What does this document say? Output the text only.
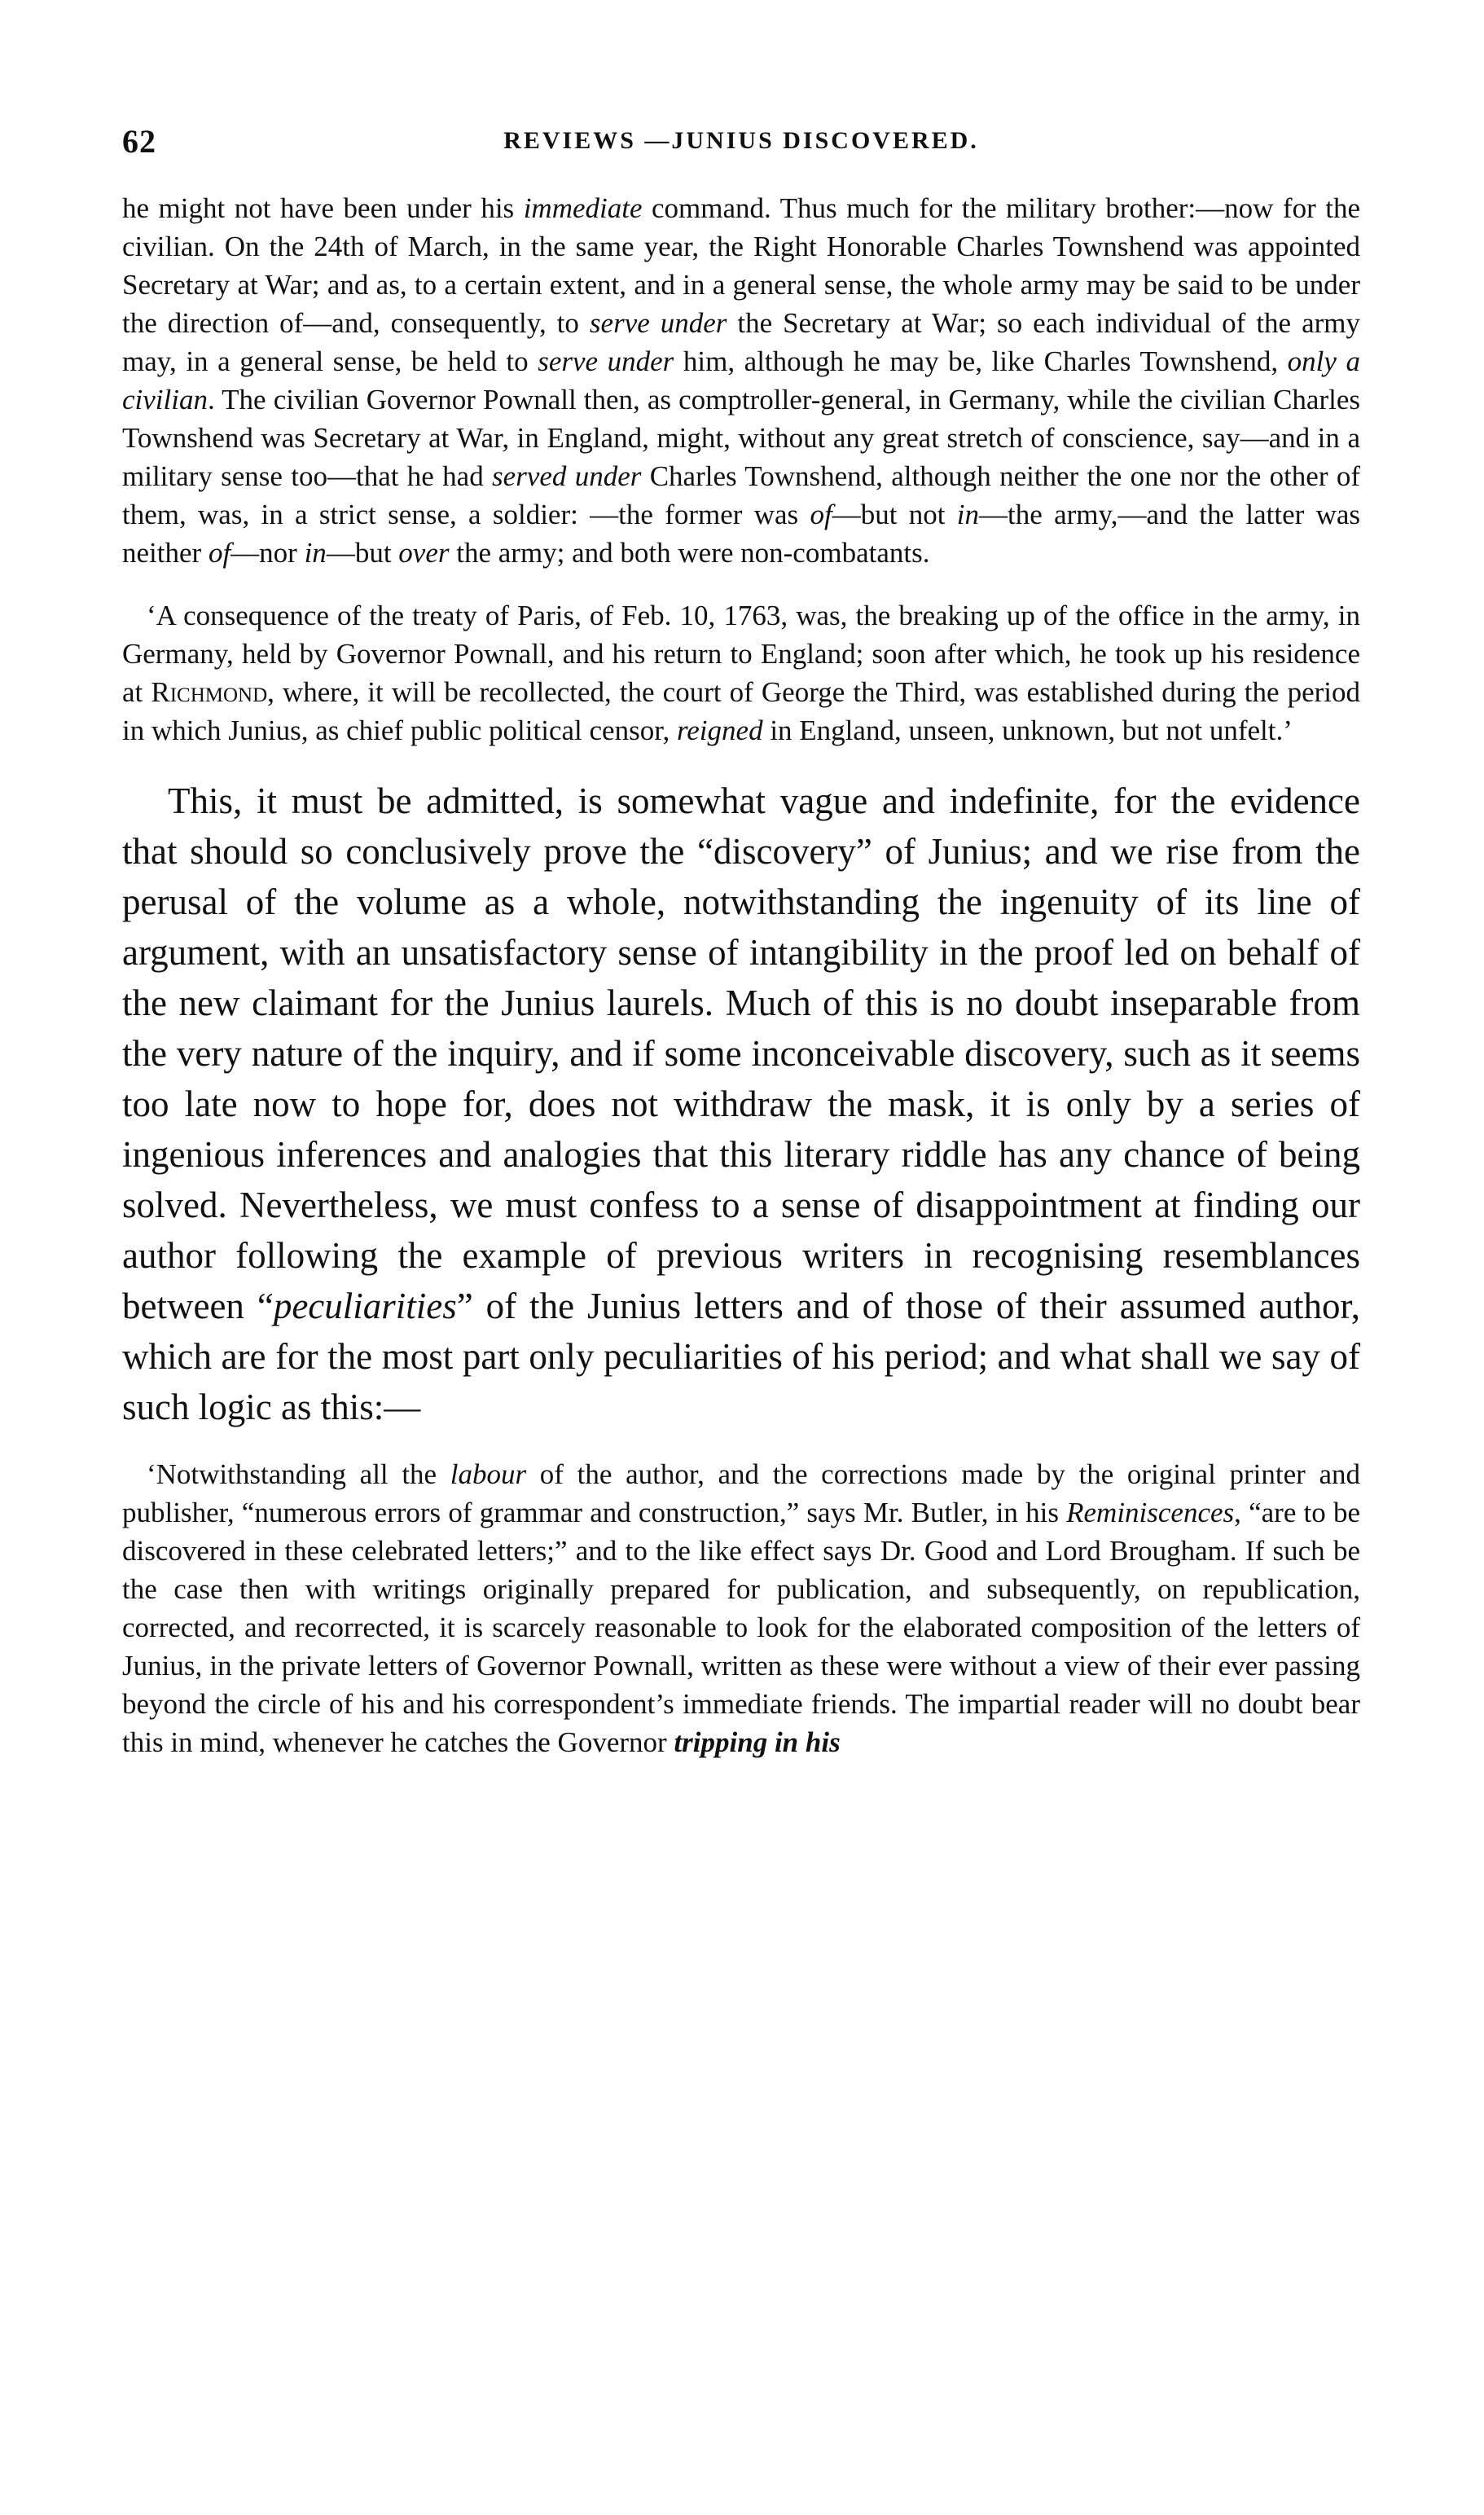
62	REVIEWS —JUNIUS DISCOVERED.

he might not have been under his immediate command. Thus much for the military brother:—now for the civilian. On the 24th of March, in the same year, the Right Honorable Charles Townshend was appointed Secretary at War; and as, to a certain extent, and in a general sense, the whole army may be said to be under the direction of—and, consequently, to serve under the Secretary at War; so each individual of the army may, in a general sense, be held to serve under him, although he may be, like Charles Townshend, only a civilian. The civilian Governor Pownall then, as comptroller-general, in Germany, while the civilian Charles Townshend was Secretary at War, in England, might, without any great stretch of conscience, say—and in a military sense too—that he had served under Charles Townshend, although neither the one nor the other of them, was, in a strict sense, a soldier: —the former was of—but not in—the army,—and the latter was neither of—nor in—but over the army; and both were non-combatants.

‘A consequence of the treaty of Paris, of Feb. 10, 1763, was, the breaking up of the office in the army, in Germany, held by Governor Pownall, and his return to England; soon after which, he took up his residence at Richmond, where, it will be recollected, the court of George the Third, was established during the period in which Junius, as chief public political censor, reigned in England, unseen, unknown, but not unfelt.’

This, it must be admitted, is somewhat vague and indefinite, for the evidence that should so conclusively prove the “discovery” of Junius; and we rise from the perusal of the volume as a whole, notwithstanding the ingenuity of its line of argument, with an unsatisfactory sense of intangibility in the proof led on behalf of the new claimant for the Junius laurels. Much of this is no doubt inseparable from the very nature of the inquiry, and if some inconceivable discovery, such as it seems too late now to hope for, does not withdraw the mask, it is only by a series of ingenious inferences and analogies that this literary riddle has any chance of being solved. Nevertheless, we must confess to a sense of disappointment at finding our author following the example of previous writers in recognising resemblances between “peculiarities” of the Junius letters and of those of their assumed author, which are for the most part only peculiarities of his period; and what shall we say of such logic as this:—

‘Notwithstanding all the labour of the author, and the corrections made by the original printer and publisher, “numerous errors of grammar and construction,” says Mr. Butler, in his Reminiscences, “are to be discovered in these celebrated letters;” and to the like effect says Dr. Good and Lord Brougham. If such be the case then with writings originally prepared for publication, and subsequently, on republication, corrected, and recorrected, it is scarcely reasonable to look for the elaborated composition of the letters of Junius, in the private letters of Governor Pownall, written as these were without a view of their ever passing beyond the circle of his and his correspondent’s immediate friends. The impartial reader will no doubt bear this in mind, whenever he catches the Governor tripping in his
